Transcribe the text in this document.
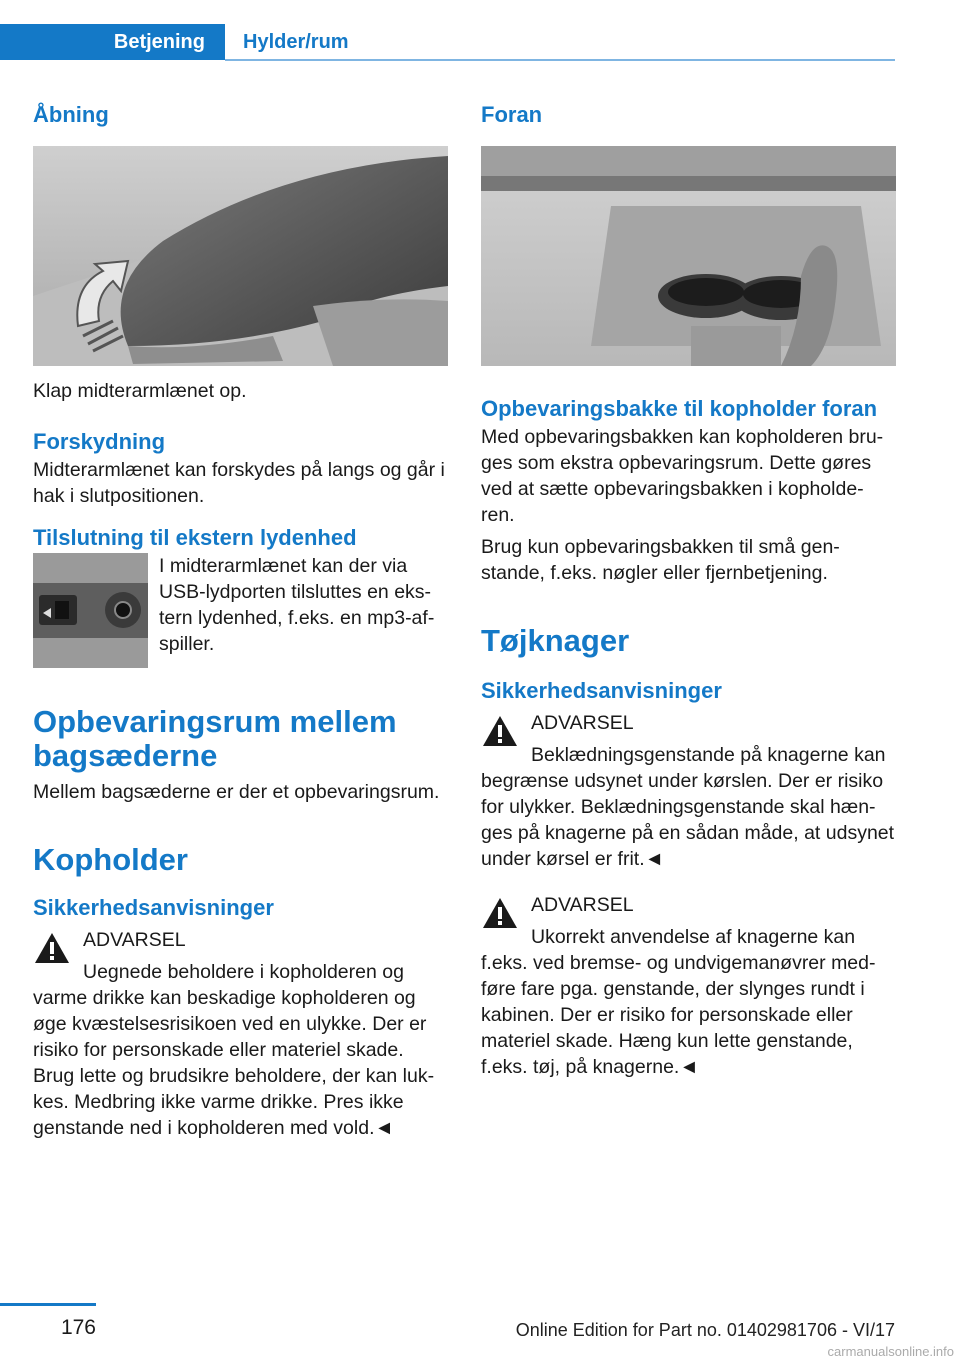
Betjening	Hylder/rum
Åbning
Klap midterarmlænet op.
Forskydning
Midterarmlænet kan forskydes på langs og går i hak i slutpositionen.
Tilslutning til ekstern lydenhed
I midterarmlænet kan der via USB-lydporten tilsluttes en eks-tern lydenhed, f.eks. en mp3-af-spiller.
Opbevaringsrum mellem bagsæderne
Mellem bagsæderne er der et opbevaringsrum.
Kopholder
Sikkerhedsanvisninger
ADVARSEL
Uegnede beholdere i kopholderen og
varme drikke kan beskadige kopholderen og øge kvæstelsesrisikoen ved en ulykke. Der er risiko for personskade eller materiel skade. Brug lette og brudsikre beholdere, der kan luk-kes. Medbring ikke varme drikke. Pres ikke genstande ned i kopholderen med vold.◄
Foran
Opbevaringsbakke til kopholder foran
Med opbevaringsbakken kan kopholderen bru-ges som ekstra opbevaringsrum. Dette gøres ved at sætte opbevaringsbakken i kopholde-ren.
Brug kun opbevaringsbakken til små gen-stande, f.eks. nøgler eller fjernbetjening.
Tøjknager
Sikkerhedsanvisninger
ADVARSEL
Beklædningsgenstande på knagerne kan
begrænse udsynet under kørslen. Der er risiko for ulykker. Beklædningsgenstande skal hæn-ges på knagerne på en sådan måde, at udsynet under kørsel er frit.◄
ADVARSEL
Ukorrekt anvendelse af knagerne kan
f.eks. ved bremse- og undvigemanøvrer med-føre fare pga. genstande, der slynges rundt i kabinen. Der er risiko for personskade eller materiel skade. Hæng kun lette genstande, f.eks. tøj, på knagerne.◄
176	Online Edition for Part no. 01402981706 - VI/17
carmanualsonline.info
